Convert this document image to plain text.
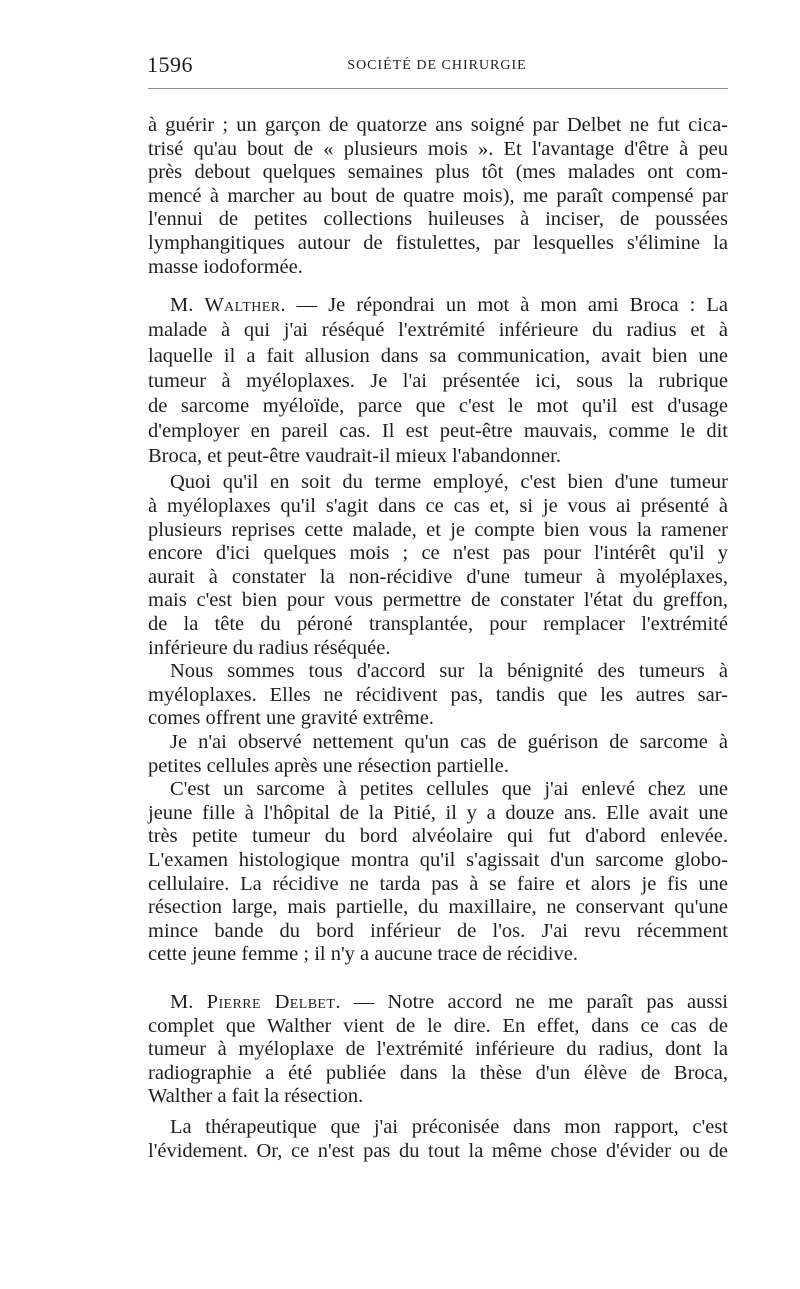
1596	SOCIÉTÉ DE CHIRURGIE
à guérir ; un garçon de quatorze ans soigné par Delbet ne fut cica-
trisé qu'au bout de « plusieurs mois ». Et l'avantage d'être à peu
près debout quelques semaines plus tôt (mes malades ont com-
mencé à marcher au bout de quatre mois), me paraît compensé par
l'ennui de petites collections huileuses à inciser, de poussées
lymphangitiques autour de fistulettes, par lesquelles s'élimine la
masse iodoformée.
M. Walther. — Je répondrai un mot à mon ami Broca : La
malade à qui j'ai réséqué l'extrémité inférieure du radius et à
laquelle il a fait allusion dans sa communication, avait bien une
tumeur à myéloplaxes. Je l'ai présentée ici, sous la rubrique
de sarcome myéloïde, parce que c'est le mot qu'il est d'usage
d'employer en pareil cas. Il est peut-être mauvais, comme le dit
Broca, et peut-être vaudrait-il mieux l'abandonner.
Quoi qu'il en soit du terme employé, c'est bien d'une tumeur
à myéloplaxes qu'il s'agit dans ce cas et, si je vous ai présenté à
plusieurs reprises cette malade, et je compte bien vous la ramener
encore d'ici quelques mois ; ce n'est pas pour l'intérêt qu'il y
aurait à constater la non-récidive d'une tumeur à myoléplaxes,
mais c'est bien pour vous permettre de constater l'état du greffon,
de la tête du péroné transplantée, pour remplacer l'extrémité
inférieure du radius réséquée.
Nous sommes tous d'accord sur la bénignité des tumeurs à
myéloplaxes. Elles ne récidivent pas, tandis que les autres sar-
comes offrent une gravité extrême.
Je n'ai observé nettement qu'un cas de guérison de sarcome à
petites cellules après une résection partielle.
C'est un sarcome à petites cellules que j'ai enlevé chez une
jeune fille à l'hôpital de la Pitié, il y a douze ans. Elle avait une
très petite tumeur du bord alvéolaire qui fut d'abord enlevée.
L'examen histologique montra qu'il s'agissait d'un sarcome globo-
cellulaire. La récidive ne tarda pas à se faire et alors je fis une
résection large, mais partielle, du maxillaire, ne conservant qu'une
mince bande du bord inférieur de l'os. J'ai revu récemment
cette jeune femme ; il n'y a aucune trace de récidive.
M. Pierre Delbet. — Notre accord ne me paraît pas aussi
complet que Walther vient de le dire. En effet, dans ce cas de
tumeur à myéloplaxe de l'extrémité inférieure du radius, dont la
radiographie a été publiée dans la thèse d'un élève de Broca,
Walther a fait la résection.
La thérapeutique que j'ai préconisée dans mon rapport, c'est
l'évidement. Or, ce n'est pas du tout la même chose d'évider ou de
